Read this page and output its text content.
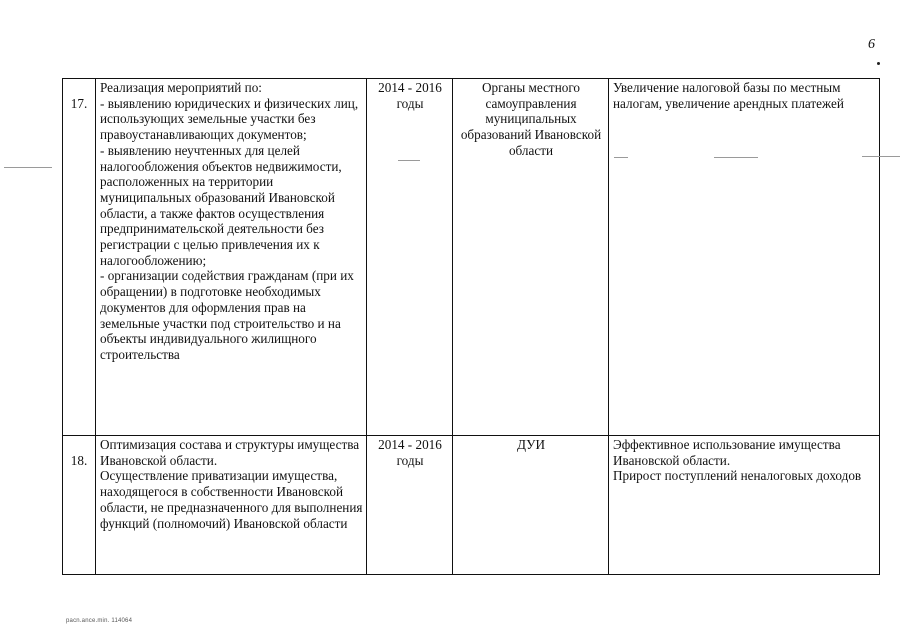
6

17.	Реализация мероприятий по:
- выявлению юридических и физических лиц, использующих земельные участки без правоустанавливающих документов;
- выявлению неучтенных для целей налогообложения объектов недвижимости, расположенных на территории муниципальных образований Ивановской области, а также фактов осуществления предпринимательской деятельности без регистрации с целью привлечения их к налогообложению;
- организации содействия гражданам (при их обращении) в подготовке необходимых документов для оформления прав на земельные участки под строительство и на объекты индивидуального жилищного строительства	2014 - 2016
годы	Органы местного самоуправления муниципальных образований Ивановской области	Увеличение налоговой базы по местным налогам, увеличение арендных платежей

18.	Оптимизация состава и структуры имущества Ивановской области.
Осуществление приватизации имущества, находящегося в собственности Ивановской области, не предназначенного для выполнения функций (полномочий) Ивановской области	2014 - 2016
годы	ДУИ	Эффективное использование имущества Ивановской области.
Прирост поступлений неналоговых доходов
pacn.ance.min. 114064
